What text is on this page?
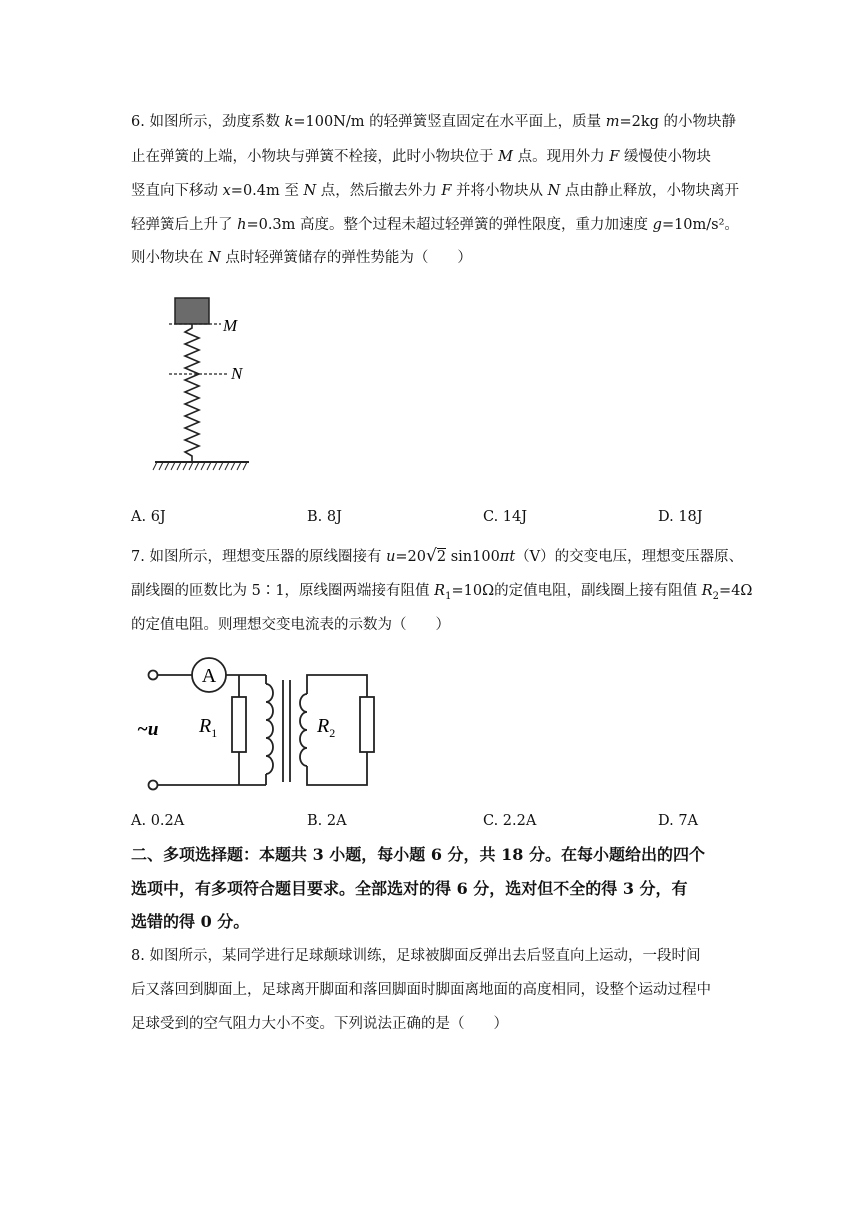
6. 如图所示，劲度系数 k=100N/m 的轻弹簧竖直固定在水平面上，质量 m=2kg 的小物块静
止在弹簧的上端，小物块与弹簧不栓接，此时小物块位于 M 点。现用外力 F 缓慢使小物块
竖直向下移动 x=0.4m 至 N 点，然后撤去外力 F 并将小物块从 N 点由静止释放，小物块离开
轻弹簧后上升了 h=0.3m 高度。整个过程未超过轻弹簧的弹性限度，重力加速度 g=10m/s²。
则小物块在 N 点时轻弹簧储存的弹性势能为（　　）
M
N
A. 6J	B. 8J	C. 14J	D. 18J
7. 如图所示，理想变压器的原线圈接有 u=20√2 sin100πt（V）的交变电压，理想变压器原、
副线圈的匝数比为 5∶1，原线圈两端接有阻值 $R_1=10\Omega$的定值电阻，副线圈上接有阻值 $R_2=4\Omega$
的定值电阻。则理想交变电流表的示数为（　　）
A
~u $R_1$	$R_2$
A. 0.2A	B. 2A	C. 2.2A	D. 7A
二、多项选择题：本题共 3 小题，每小题 6 分，共 18 分。在每小题给出的四个
选项中，有多项符合题目要求。全部选对的得 6 分，选对但不全的得 3 分，有
选错的得 0 分。
8. 如图所示，某同学进行足球颠球训练，足球被脚面反弹出去后竖直向上运动，一段时间
后又落回到脚面上，足球离开脚面和落回脚面时脚面离地面的高度相同，设整个运动过程中
足球受到的空气阻力大小不变。下列说法正确的是（　　）
